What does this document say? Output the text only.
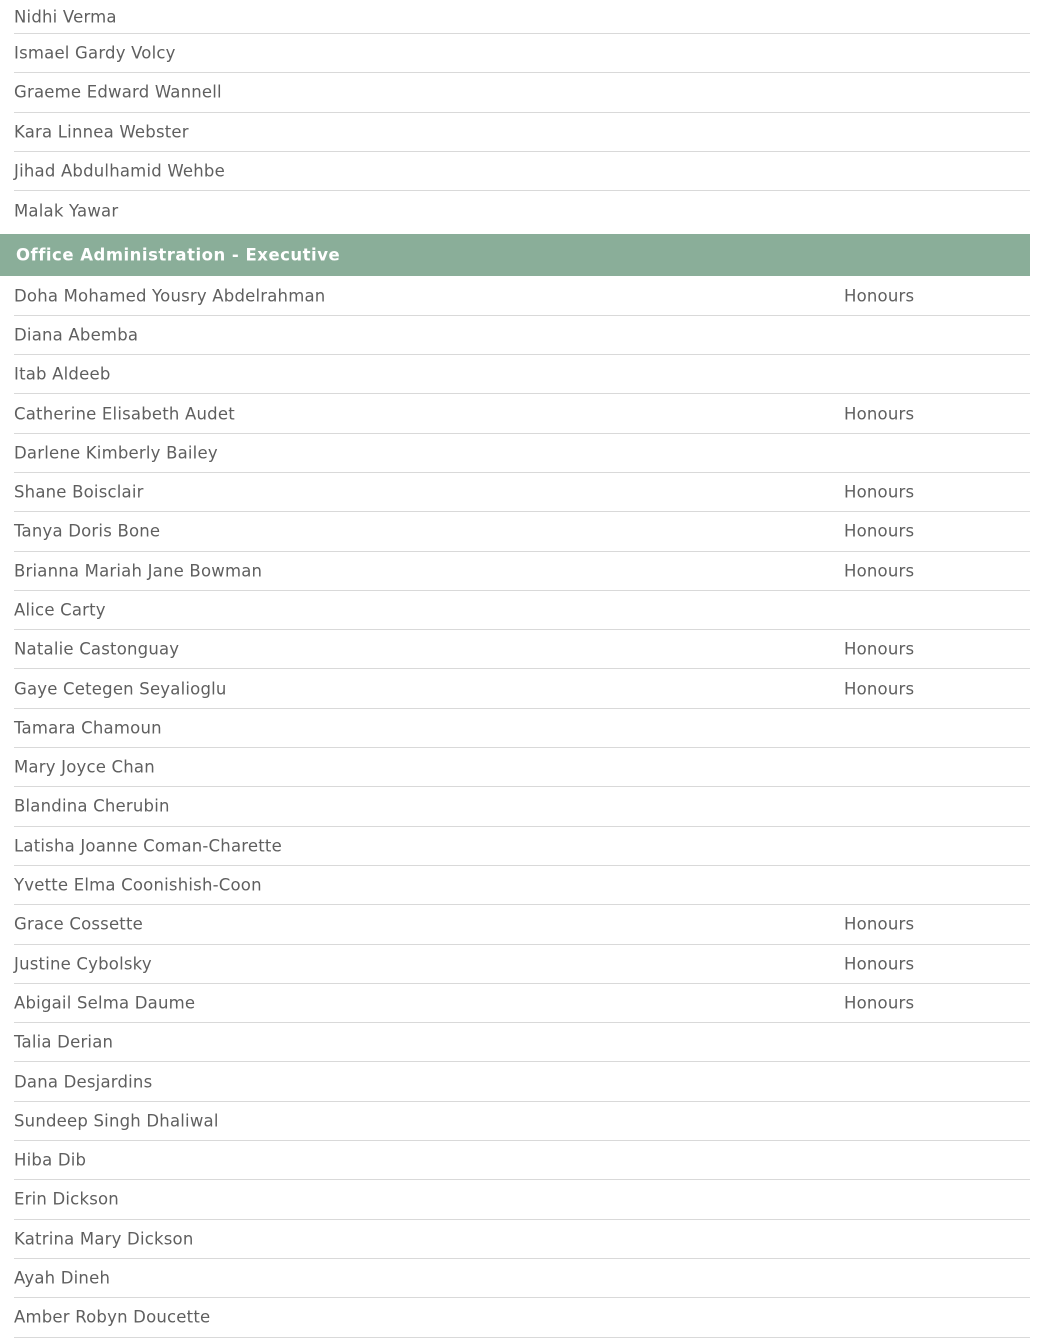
Nidhi Verma
Ismael Gardy Volcy
Graeme Edward Wannell
Kara Linnea Webster
Jihad Abdulhamid Wehbe
Malak Yawar
Office Administration - Executive
Doha Mohamed Yousry Abdelrahman	Honours
Diana Abemba
Itab Aldeeb
Catherine Elisabeth Audet	Honours
Darlene Kimberly Bailey
Shane Boisclair	Honours
Tanya Doris Bone	Honours
Brianna Mariah Jane Bowman	Honours
Alice Carty
Natalie Castonguay	Honours
Gaye Cetegen Seyalioglu	Honours
Tamara Chamoun
Mary Joyce Chan
Blandina Cherubin
Latisha Joanne Coman-Charette
Yvette Elma Coonishish-Coon
Grace Cossette	Honours
Justine Cybolsky	Honours
Abigail Selma Daume	Honours
Talia Derian
Dana Desjardins
Sundeep Singh Dhaliwal
Hiba Dib
Erin Dickson
Katrina Mary Dickson
Ayah Dineh
Amber Robyn Doucette
